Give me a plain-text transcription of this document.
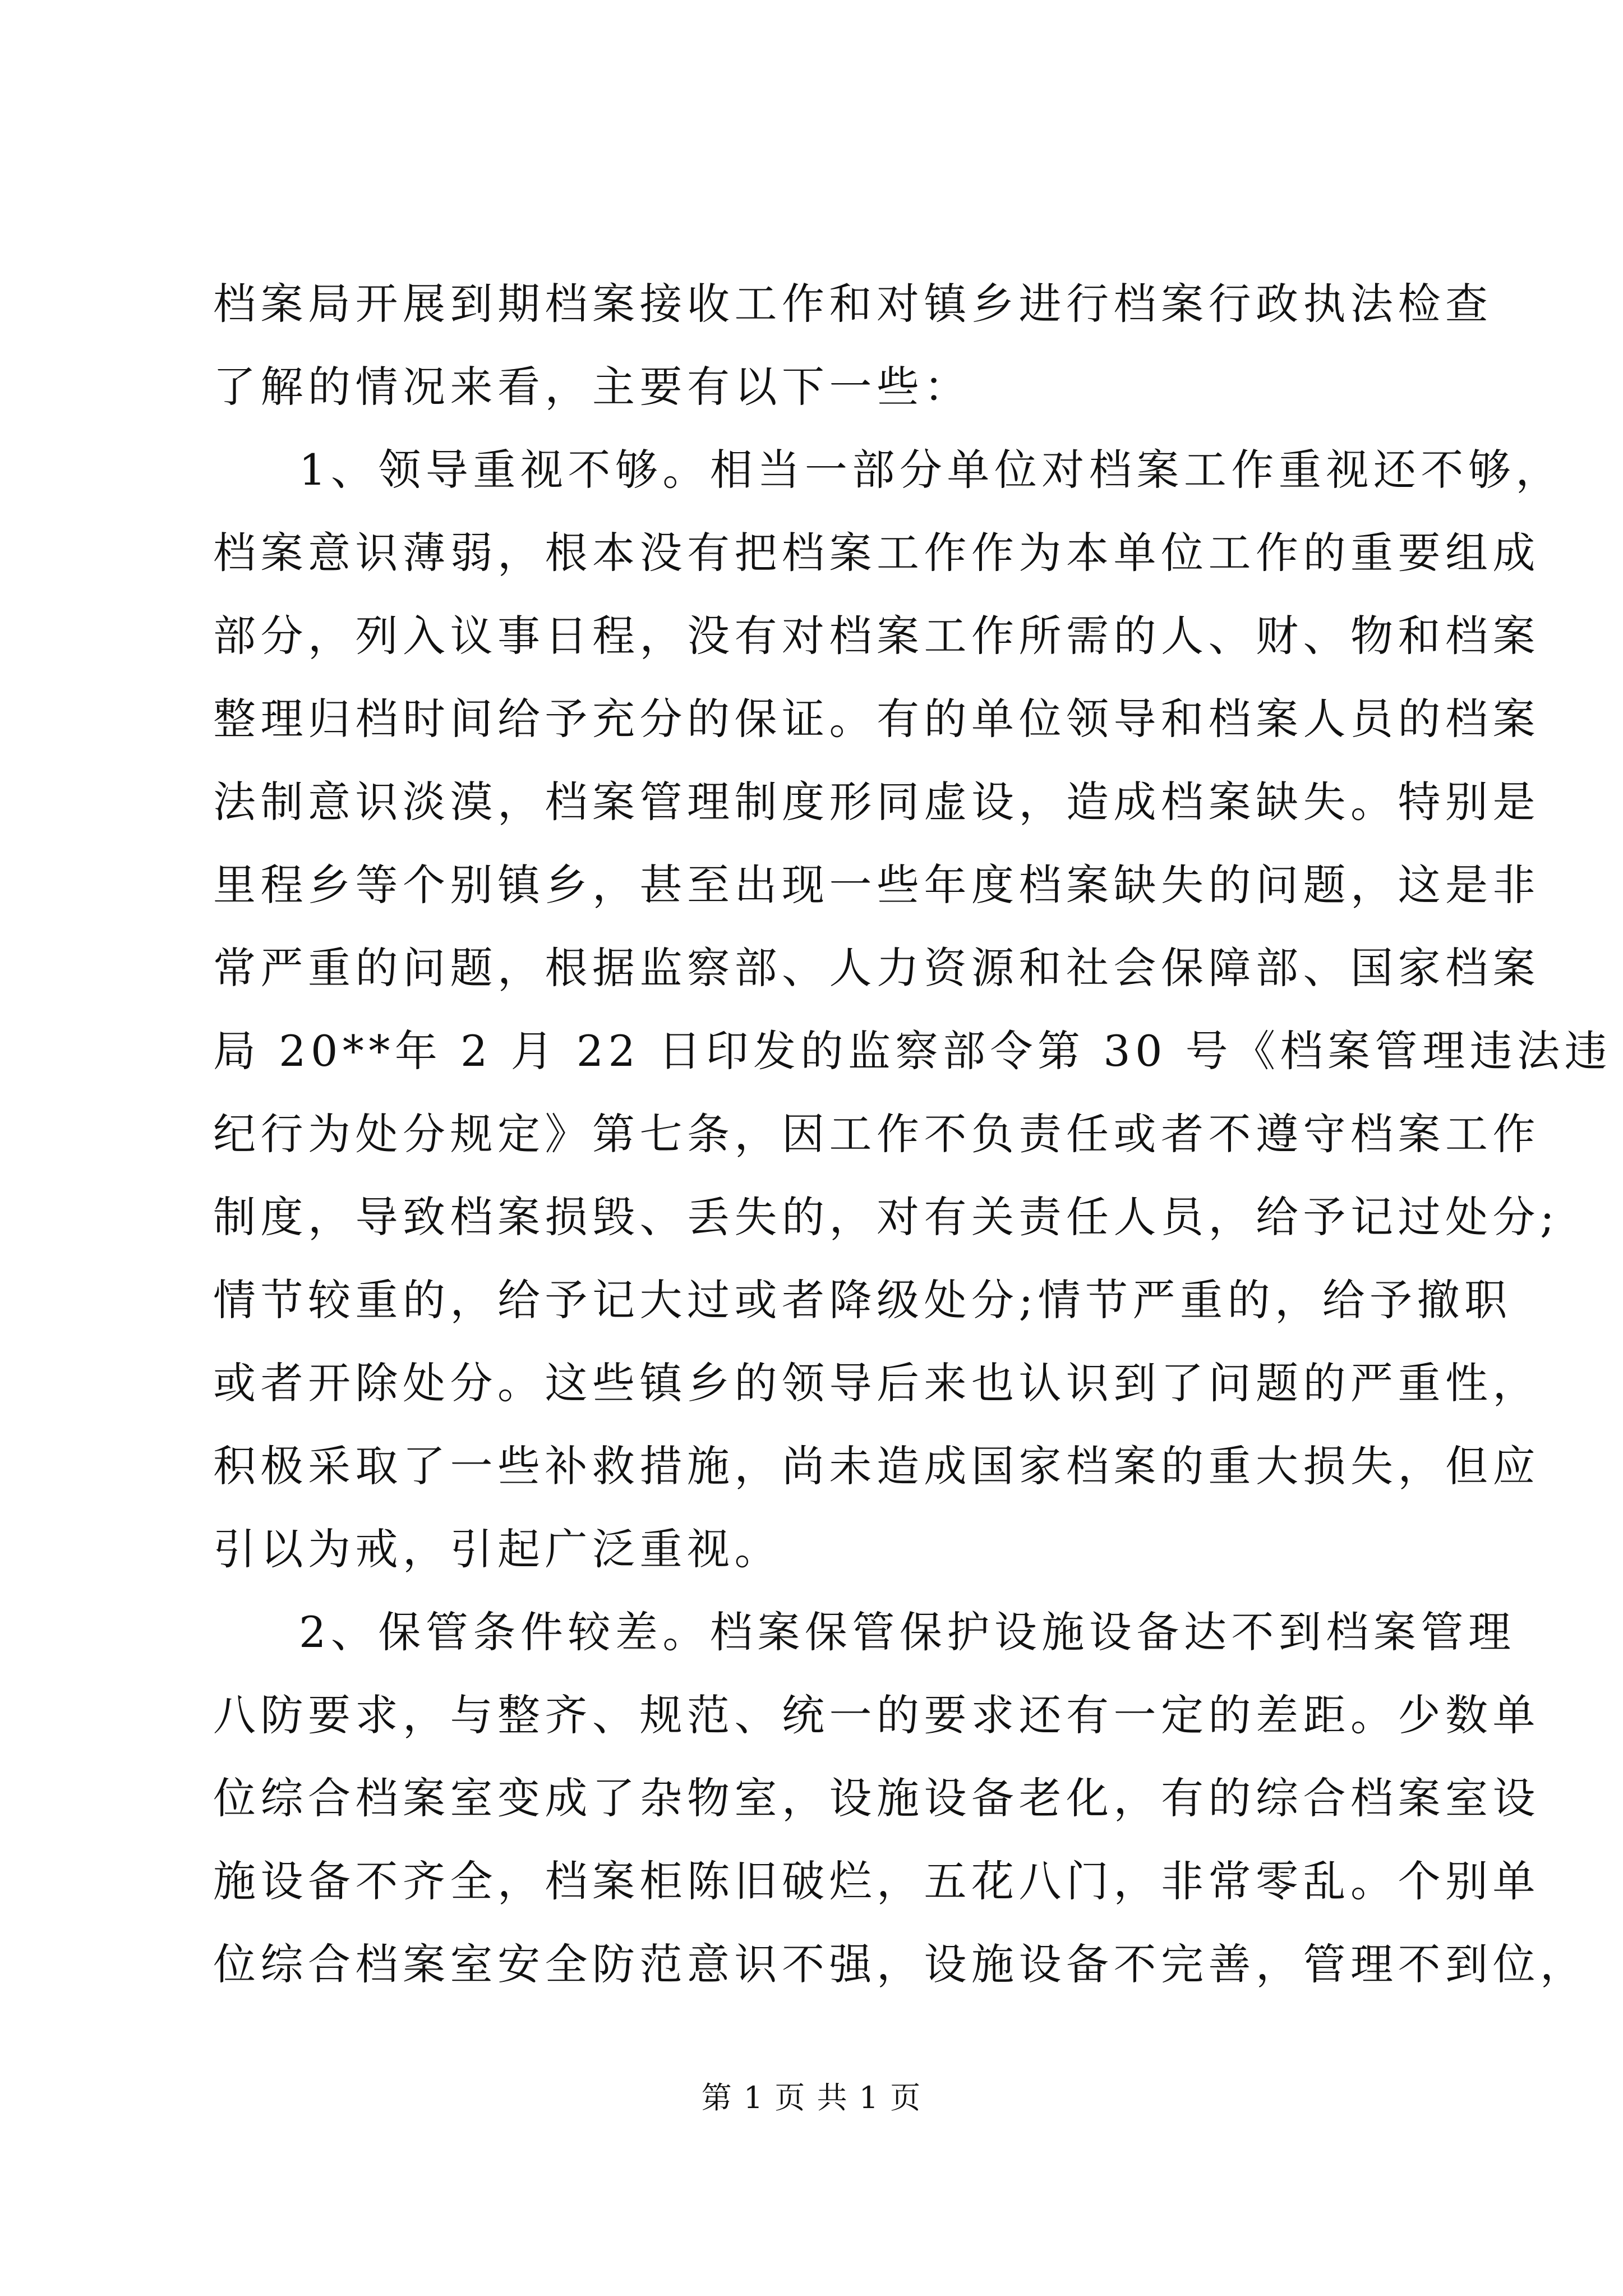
档案局开展到期档案接收工作和对镇乡进行档案行政执法检查
了解的情况来看，主要有以下一些：
1、领导重视不够。相当一部分单位对档案工作重视还不够，
档案意识薄弱，根本没有把档案工作作为本单位工作的重要组成
部分，列入议事日程，没有对档案工作所需的人、财、物和档案
整理归档时间给予充分的保证。有的单位领导和档案人员的档案
法制意识淡漠，档案管理制度形同虚设，造成档案缺失。特别是
里程乡等个别镇乡，甚至出现一些年度档案缺失的问题，这是非
常严重的问题，根据监察部、人力资源和社会保障部、国家档案
局 20**年 2 月 22 日印发的监察部令第 30 号《档案管理违法违
纪行为处分规定》第七条，因工作不负责任或者不遵守档案工作
制度，导致档案损毁、丢失的，对有关责任人员，给予记过处分;
情节较重的，给予记大过或者降级处分;情节严重的，给予撤职
或者开除处分。这些镇乡的领导后来也认识到了问题的严重性，
积极采取了一些补救措施，尚未造成国家档案的重大损失，但应
引以为戒，引起广泛重视。
2、保管条件较差。档案保管保护设施设备达不到档案管理
八防要求，与整齐、规范、统一的要求还有一定的差距。少数单
位综合档案室变成了杂物室，设施设备老化，有的综合档案室设
施设备不齐全，档案柜陈旧破烂，五花八门，非常零乱。个别单
位综合档案室安全防范意识不强，设施设备不完善，管理不到位，
第 1 页 共 1 页
